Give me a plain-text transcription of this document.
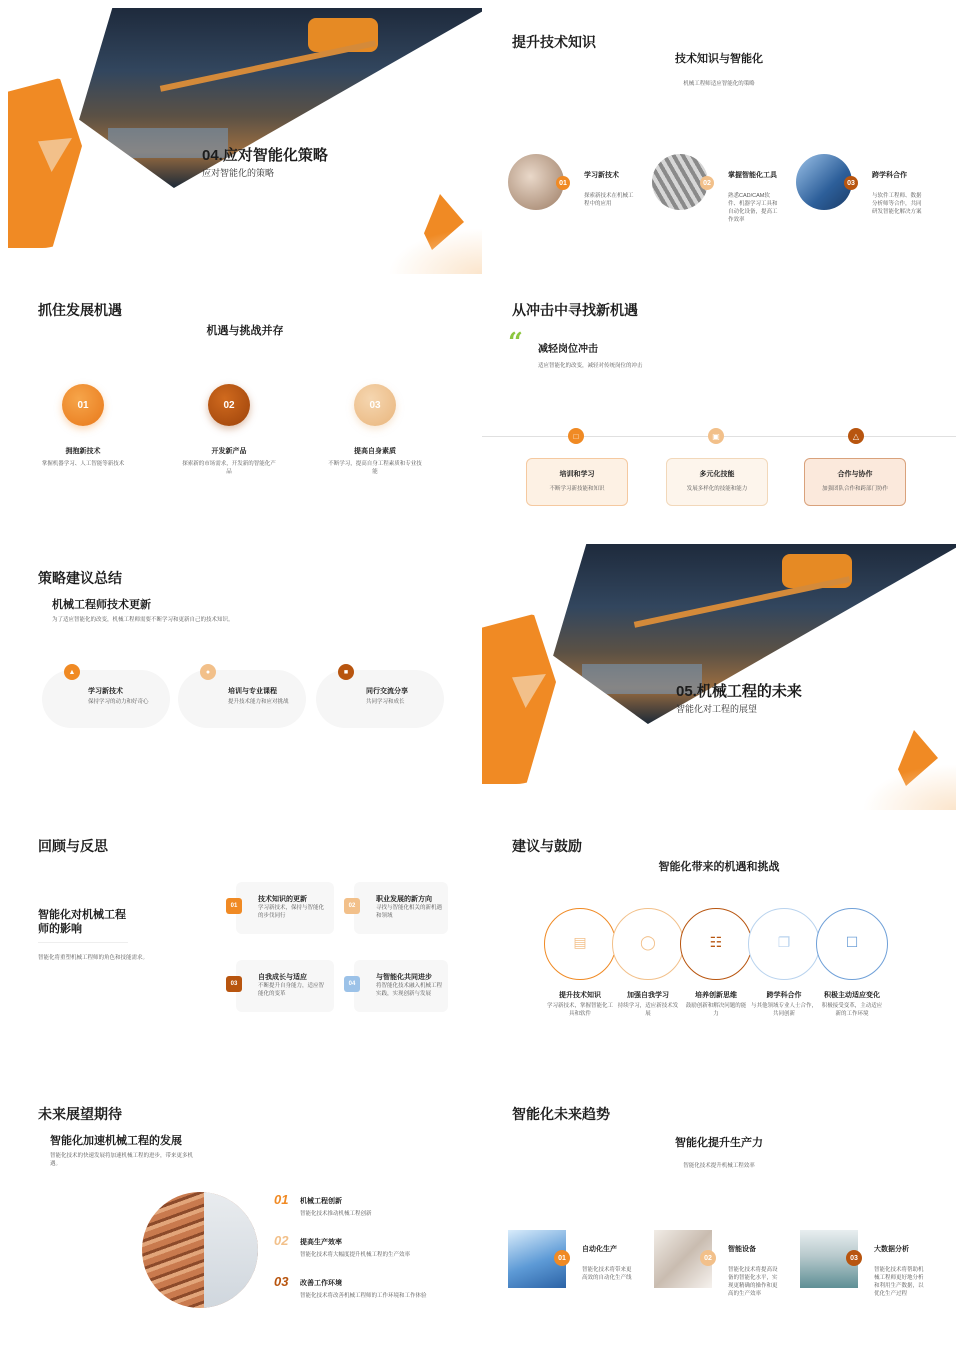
04.应对智能化策略
应对智能化的策略
提升技术知识
技术知识与智能化
机械工程师适应智能化的策略
01
学习新技术
探索新技术在机械工程中的应用
02
掌握智能化工具
熟悉CAD/CAM软件、机器学习工具和自动化设备，提高工作效率
03
跨学科合作
与软件工程师、数据分析师等合作，共同研发智能化解决方案
抓住发展机遇
机遇与挑战并存
01
拥抱新技术
掌握机器学习、人工智能等新技术
02
开发新产品
探索新的市场需求，开发新的智能化产品
03
提高自身素质
不断学习，提高自身工程素质和专业技能
从冲击中寻找新机遇
“ 减轻岗位冲击
适应智能化的改变，减轻对传统岗位的冲击
□	▣	△
培训和学习
不断学习新技能和知识
多元化技能
发展多样化的技能和能力
合作与协作
加强团队合作和跨部门协作
策略建议总结
机械工程师技术更新
为了适应智能化的改变，机械工程师需要不断学习和更新自己的技术知识。
▲
学习新技术
保持学习的动力和好奇心
●
培训与专业课程
提升技术能力和应对挑战
■
同行交流分享
共同学习和成长
05.机械工程的未来
智能化对工程的展望
回顾与反思
智能化对机械工程师的影响
智能化将重塑机械工程师的角色和技能需求。
01
技术知识的更新
学习新技术，保持与智能化的步伐同行
02
职业发展的新方向
寻找与智能化相关的新机遇和领域
03
自我成长与适应
不断提升自身能力，适应智能化的变革
04
与智能化共同进步
将智能化技术融入机械工程实践，实现创新与发展
建议与鼓励
智能化带来的机遇和挑战
▤	◯	☷	❐	☐
提升技术知识
学习新技术，掌握智能化工具和软件
加强自我学习
持续学习，适应新技术发展
培养创新思维
鼓励创新和解决问题的能力
跨学科合作
与其他领域专业人士合作，共同创新
积极主动适应变化
积极接受变革，主动适应新的工作环境
未来展望期待
智能化加速机械工程的发展
智能化技术的快速发展将加速机械工程的进步，带来更多机遇。
01 机械工程创新
智能化技术推动机械工程创新
02 提高生产效率
智能化技术将大幅度提升机械工程的生产效率
03 改善工作环境
智能化技术将改善机械工程师的工作环境和工作体验
智能化未来趋势
智能化提升生产力
智能化技术提升机械工程效率
01
自动化生产
智能化技术将带来更高效的自动化生产线
02
智能设备
智能化技术将提高设备的智能化水平，实现更精确的操作和更高的生产效率
03
大数据分析
智能化技术将帮助机械工程师更好地分析和利用生产数据，以优化生产过程
